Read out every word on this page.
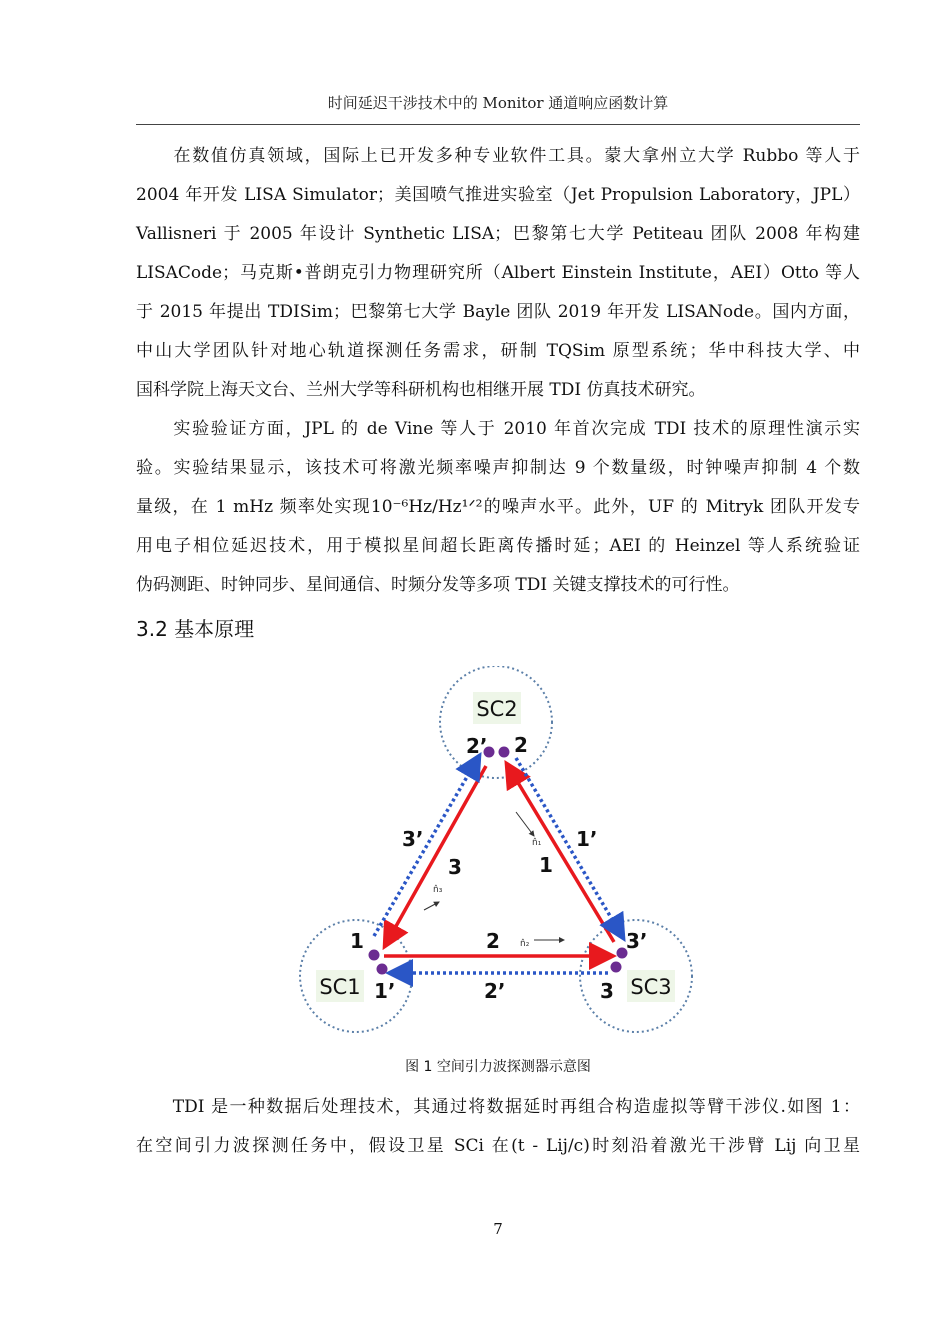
时间延迟干涉技术中的 Monitor 通道响应函数计算
　　在数值仿真领域，国际上已开发多种专业软件工具。蒙大拿州立大学 Rubbo 等人于
2004 年开发 LISA Simulator；美国喷气推进实验室（Jet Propulsion Laboratory，JPL）
Vallisneri 于 2005 年设计 Synthetic LISA；巴黎第七大学 Petiteau 团队 2008 年构建
LISACode；马克斯•普朗克引力物理研究所（Albert Einstein Institute，AEI）Otto 等人
于 2015 年提出 TDISim；巴黎第七大学 Bayle 团队 2019 年开发 LISANode。国内方面，
中山大学团队针对地心轨道探测任务需求，研制 TQSim 原型系统；华中科技大学、中
国科学院上海天文台、兰州大学等科研机构也相继开展 TDI 仿真技术研究。
　　实验验证方面，JPL 的 de Vine 等人于 2010 年首次完成 TDI 技术的原理性演示实
验。实验结果显示，该技术可将激光频率噪声抑制达 9 个数量级，时钟噪声抑制 4 个数
量级，在 1 mHz 频率处实现10⁻⁶Hz/Hz¹ᐟ²的噪声水平。此外，UF 的 Mitryk 团队开发专
用电子相位延迟技术，用于模拟星间超长距离传播时延；AEI 的 Heinzel 等人系统验证
伪码测距、时钟同步、星间通信、时频分发等多项 TDI 关键支撑技术的可行性。
3.2 基本原理
SC2
SC1	SC3
n̂₁
n̂₂
n̂₃
2’ 2
3’
3
1’
1
1
1’
2
2’
3’
3
图 1 空间引力波探测器示意图
　　TDI 是一种数据后处理技术，其通过将数据延时再组合构造虚拟等臂干涉仪.如图 1：
在空间引力波探测任务中，假设卫星 SCi 在(t - Lij/c)时刻沿着激光干涉臂 Lij 向卫星
7
